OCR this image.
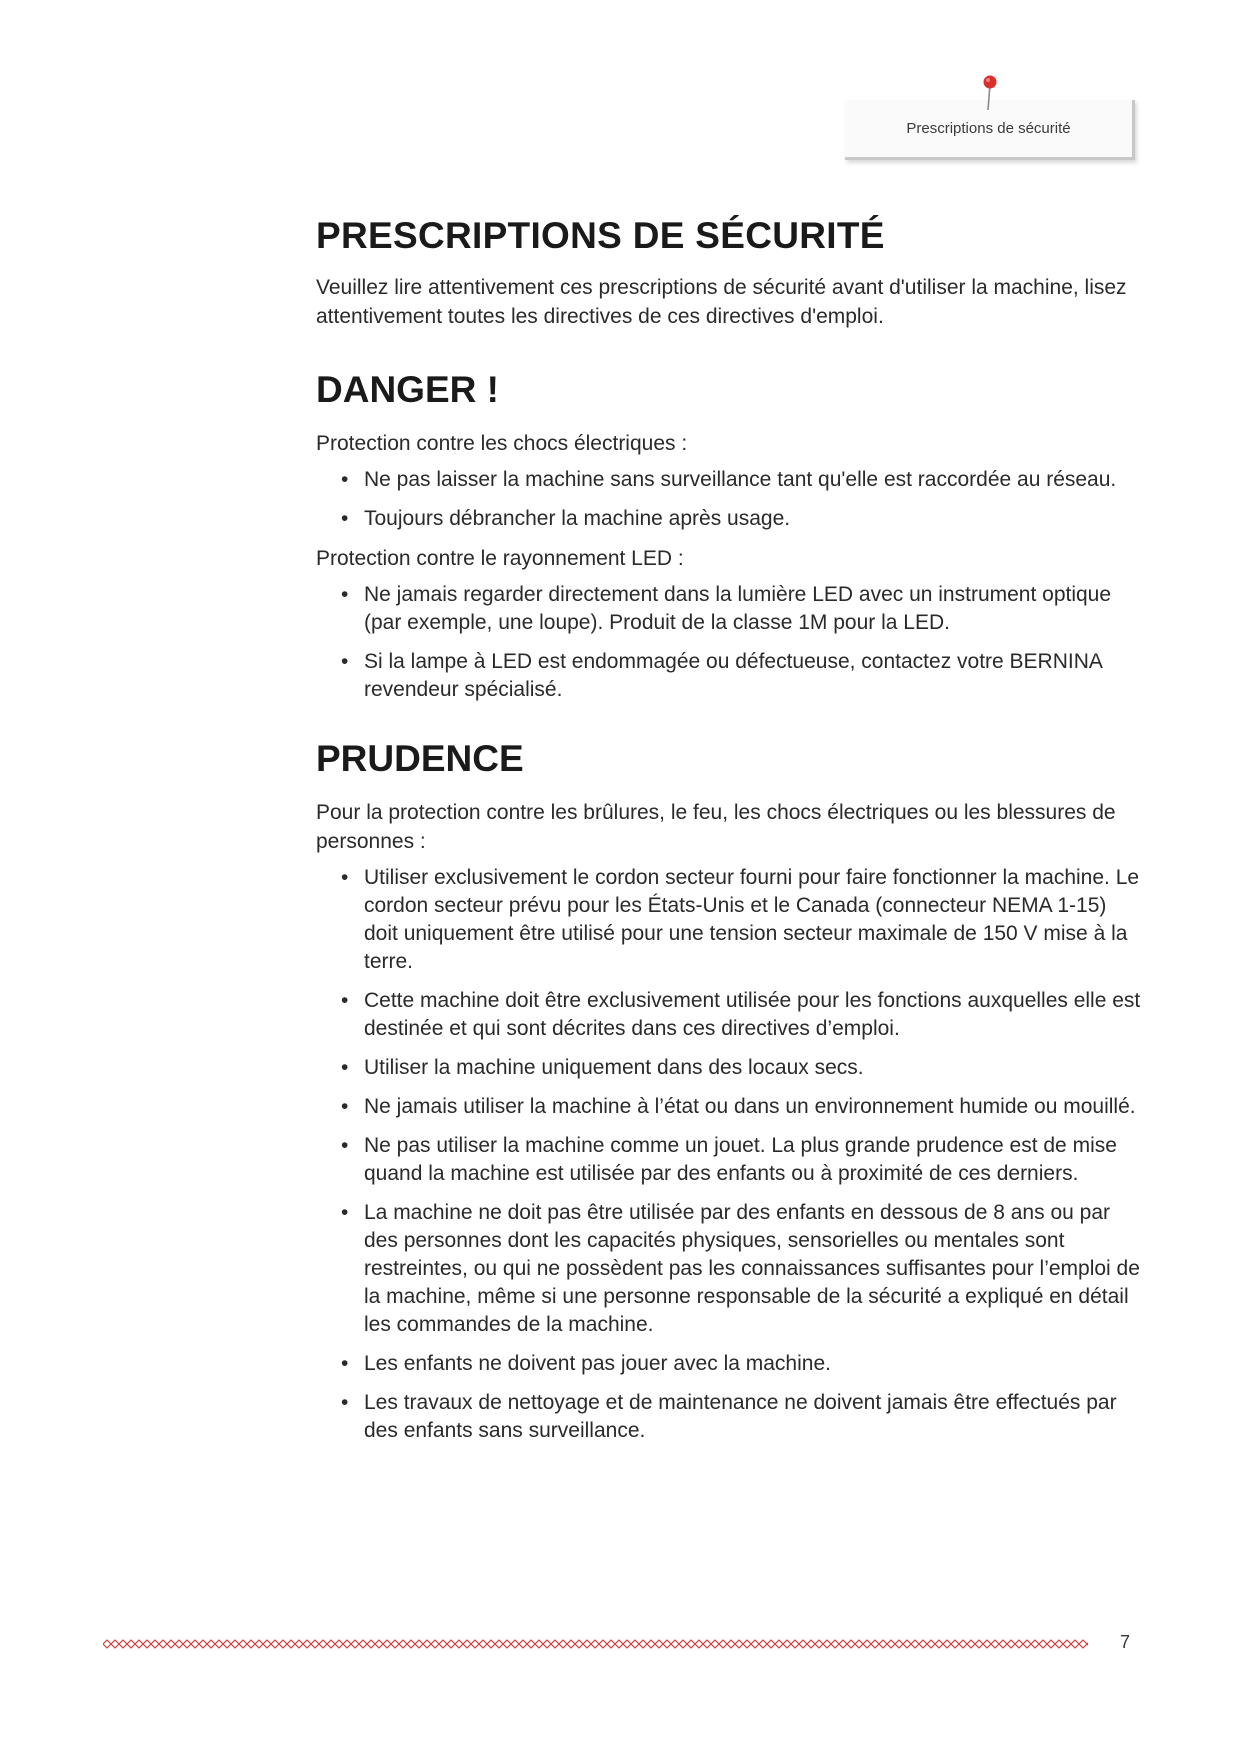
Prescriptions de sécurité
PRESCRIPTIONS DE SÉCURITÉ

Veuillez lire attentivement ces prescriptions de sécurité avant d'utiliser la machine, lisez attentivement toutes les directives de ces directives d'emploi.

DANGER !

Protection contre les chocs électriques :

• Ne pas laisser la machine sans surveillance tant qu'elle est raccordée au réseau.
• Toujours débrancher la machine après usage.

Protection contre le rayonnement LED :

• Ne jamais regarder directement dans la lumière LED avec un instrument optique (par exemple, une loupe). Produit de la classe 1M pour la LED.
• Si la lampe à LED est endommagée ou défectueuse, contactez votre BERNINA revendeur spécialisé.
PRUDENCE

Pour la protection contre les brûlures, le feu, les chocs électriques ou les blessures de personnes :

• Utiliser exclusivement le cordon secteur fourni pour faire fonctionner la machine. Le cordon secteur prévu pour les États-Unis et le Canada (connecteur NEMA 1-15) doit uniquement être utilisé pour une tension secteur maximale de 150 V mise à la terre.
• Cette machine doit être exclusivement utilisée pour les fonctions auxquelles elle est destinée et qui sont décrites dans ces directives d’emploi.
• Utiliser la machine uniquement dans des locaux secs.
• Ne jamais utiliser la machine à l’état ou dans un environnement humide ou mouillé.
• Ne pas utiliser la machine comme un jouet. La plus grande prudence est de mise quand la machine est utilisée par des enfants ou à proximité de ces derniers.
• La machine ne doit pas être utilisée par des enfants en dessous de 8 ans ou par des personnes dont les capacités physiques, sensorielles ou mentales sont restreintes, ou qui ne possèdent pas les connaissances suffisantes pour l’emploi de la machine, même si une personne responsable de la sécurité a expliqué en détail les commandes de la machine.
• Les enfants ne doivent pas jouer avec la machine.
• Les travaux de nettoyage et de maintenance ne doivent jamais être effectués par des enfants sans surveillance.
7
